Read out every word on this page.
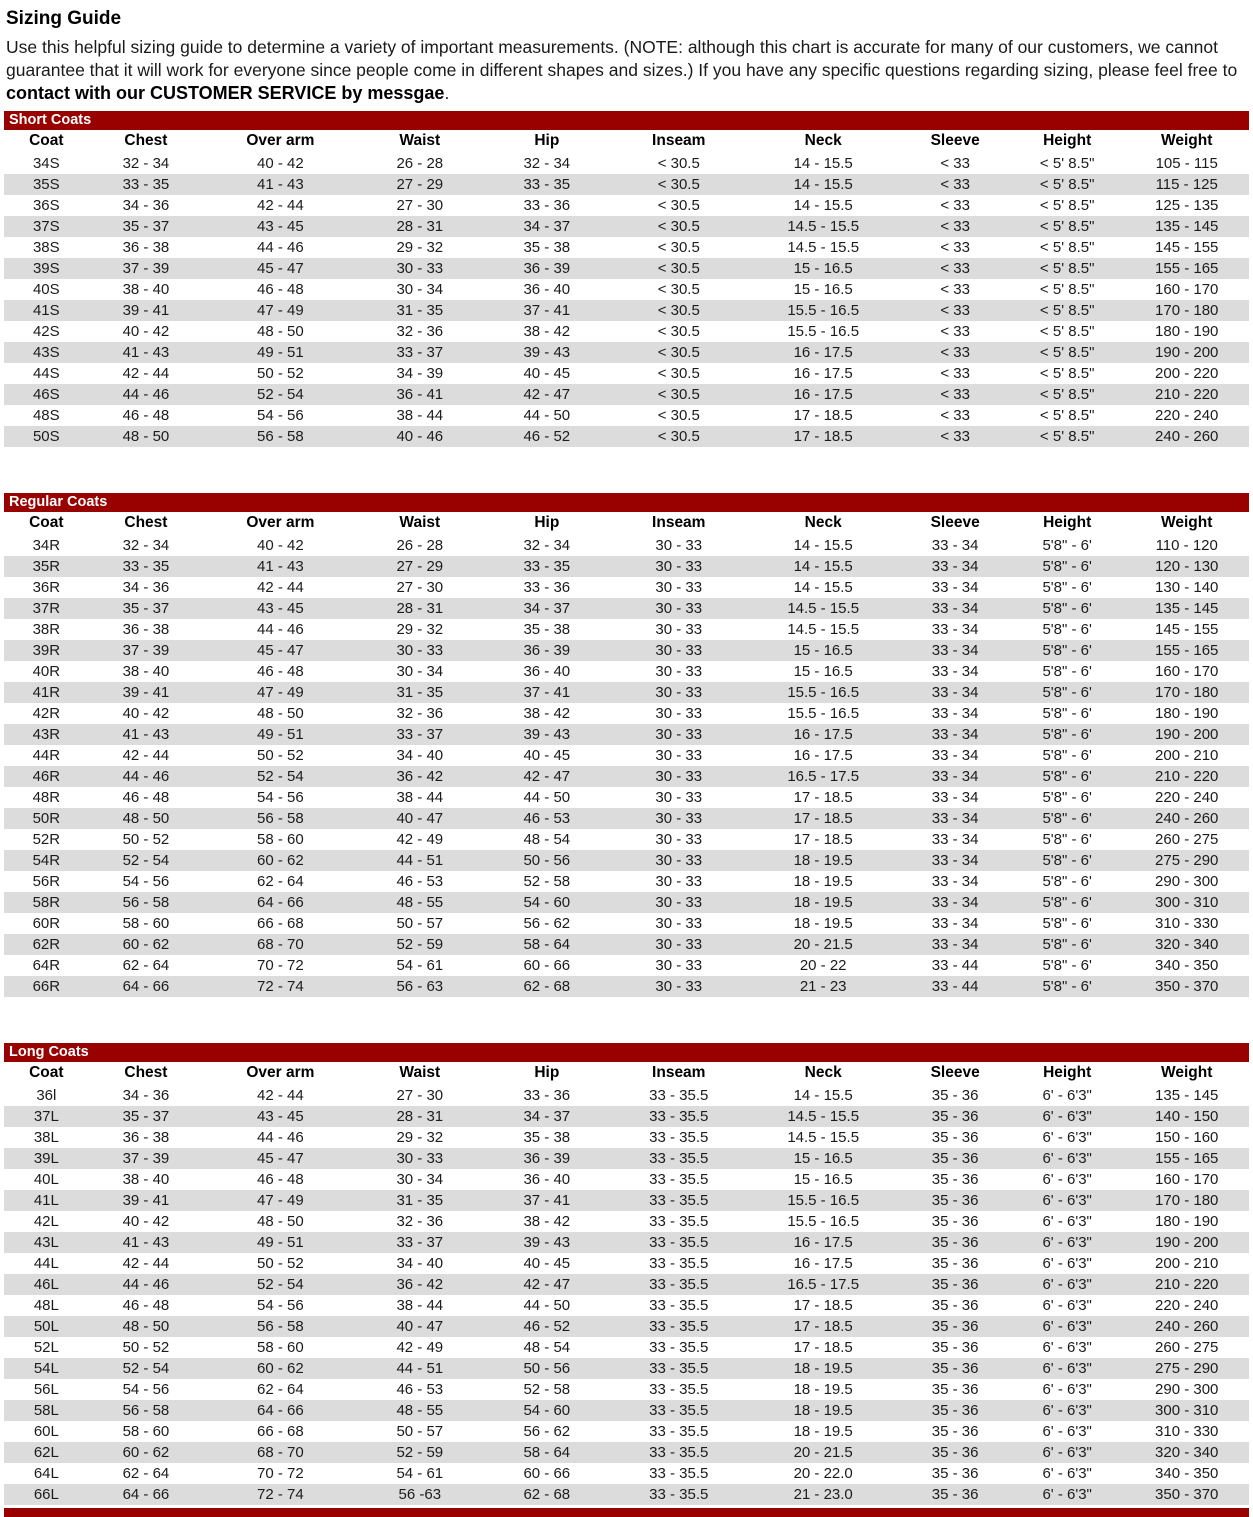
Sizing Guide

Use this helpful sizing guide to determine a variety of important measurements. (NOTE: although this chart is accurate for many of our customers, we cannot guarantee that it will work for everyone since people come in different shapes and sizes.) If you have any specific questions regarding sizing, please feel free to contact with our CUSTOMER SERVICE by messgae.

Short Coats
Coat	Chest	Over arm	Waist	Hip	Inseam	Neck	Sleeve	Height	Weight
34S	32 - 34	40 - 42	26 - 28	32 - 34	< 30.5	14 - 15.5	< 33	< 5' 8.5"	105 - 115
35S	33 - 35	41 - 43	27 - 29	33 - 35	< 30.5	14 - 15.5	< 33	< 5' 8.5"	115 - 125
36S	34 - 36	42 - 44	27 - 30	33 - 36	< 30.5	14 - 15.5	< 33	< 5' 8.5"	125 - 135
37S	35 - 37	43 - 45	28 - 31	34 - 37	< 30.5	14.5 - 15.5	< 33	< 5' 8.5"	135 - 145
38S	36 - 38	44 - 46	29 - 32	35 - 38	< 30.5	14.5 - 15.5	< 33	< 5' 8.5"	145 - 155
39S	37 - 39	45 - 47	30 - 33	36 - 39	< 30.5	15 - 16.5	< 33	< 5' 8.5"	155 - 165
40S	38 - 40	46 - 48	30 - 34	36 - 40	< 30.5	15 - 16.5	< 33	< 5' 8.5"	160 - 170
41S	39 - 41	47 - 49	31 - 35	37 - 41	< 30.5	15.5 - 16.5	< 33	< 5' 8.5"	170 - 180
42S	40 - 42	48 - 50	32 - 36	38 - 42	< 30.5	15.5 - 16.5	< 33	< 5' 8.5"	180 - 190
43S	41 - 43	49 - 51	33 - 37	39 - 43	< 30.5	16 - 17.5	< 33	< 5' 8.5"	190 - 200
44S	42 - 44	50 - 52	34 - 39	40 - 45	< 30.5	16 - 17.5	< 33	< 5' 8.5"	200 - 220
46S	44 - 46	52 - 54	36 - 41	42 - 47	< 30.5	16 - 17.5	< 33	< 5' 8.5"	210 - 220
48S	46 - 48	54 - 56	38 - 44	44 - 50	< 30.5	17 - 18.5	< 33	< 5' 8.5"	220 - 240
50S	48 - 50	56 - 58	40 - 46	46 - 52	< 30.5	17 - 18.5	< 33	< 5' 8.5"	240 - 260
Regular Coats
Coat	Chest	Over arm	Waist	Hip	Inseam	Neck	Sleeve	Height	Weight
34R	32 - 34	40 - 42	26 - 28	32 - 34	30 - 33	14 - 15.5	33 - 34	5'8" - 6'	110 - 120
35R	33 - 35	41 - 43	27 - 29	33 - 35	30 - 33	14 - 15.5	33 - 34	5'8" - 6'	120 - 130
36R	34 - 36	42 - 44	27 - 30	33 - 36	30 - 33	14 - 15.5	33 - 34	5'8" - 6'	130 - 140
37R	35 - 37	43 - 45	28 - 31	34 - 37	30 - 33	14.5 - 15.5	33 - 34	5'8" - 6'	135 - 145
38R	36 - 38	44 - 46	29 - 32	35 - 38	30 - 33	14.5 - 15.5	33 - 34	5'8" - 6'	145 - 155
39R	37 - 39	45 - 47	30 - 33	36 - 39	30 - 33	15 - 16.5	33 - 34	5'8" - 6'	155 - 165
40R	38 - 40	46 - 48	30 - 34	36 - 40	30 - 33	15 - 16.5	33 - 34	5'8" - 6'	160 - 170
41R	39 - 41	47 - 49	31 - 35	37 - 41	30 - 33	15.5 - 16.5	33 - 34	5'8" - 6'	170 - 180
42R	40 - 42	48 - 50	32 - 36	38 - 42	30 - 33	15.5 - 16.5	33 - 34	5'8" - 6'	180 - 190
43R	41 - 43	49 - 51	33 - 37	39 - 43	30 - 33	16 - 17.5	33 - 34	5'8" - 6'	190 - 200
44R	42 - 44	50 - 52	34 - 40	40 - 45	30 - 33	16 - 17.5	33 - 34	5'8" - 6'	200 - 210
46R	44 - 46	52 - 54	36 - 42	42 - 47	30 - 33	16.5 - 17.5	33 - 34	5'8" - 6'	210 - 220
48R	46 - 48	54 - 56	38 - 44	44 - 50	30 - 33	17 - 18.5	33 - 34	5'8" - 6'	220 - 240
50R	48 - 50	56 - 58	40 - 47	46 - 53	30 - 33	17 - 18.5	33 - 34	5'8" - 6'	240 - 260
52R	50 - 52	58 - 60	42 - 49	48 - 54	30 - 33	17 - 18.5	33 - 34	5'8" - 6'	260 - 275
54R	52 - 54	60 - 62	44 - 51	50 - 56	30 - 33	18 - 19.5	33 - 34	5'8" - 6'	275 - 290
56R	54 - 56	62 - 64	46 - 53	52 - 58	30 - 33	18 - 19.5	33 - 34	5'8" - 6'	290 - 300
58R	56 - 58	64 - 66	48 - 55	54 - 60	30 - 33	18 - 19.5	33 - 34	5'8" - 6'	300 - 310
60R	58 - 60	66 - 68	50 - 57	56 - 62	30 - 33	18 - 19.5	33 - 34	5'8" - 6'	310 - 330
62R	60 - 62	68 - 70	52 - 59	58 - 64	30 - 33	20 - 21.5	33 - 34	5'8" - 6'	320 - 340
64R	62 - 64	70 - 72	54 - 61	60 - 66	30 - 33	20 - 22	33 - 44	5'8" - 6'	340 - 350
66R	64 - 66	72 - 74	56 - 63	62 - 68	30 - 33	21 - 23	33 - 44	5'8" - 6'	350 - 370
Long Coats
Coat	Chest	Over arm	Waist	Hip	Inseam	Neck	Sleeve	Height	Weight
36l	34 - 36	42 - 44	27 - 30	33 - 36	33 - 35.5	14 - 15.5	35 - 36	6' - 6'3"	135 - 145
37L	35 - 37	43 - 45	28 - 31	34 - 37	33 - 35.5	14.5 - 15.5	35 - 36	6' - 6'3"	140 - 150
38L	36 - 38	44 - 46	29 - 32	35 - 38	33 - 35.5	14.5 - 15.5	35 - 36	6' - 6'3"	150 - 160
39L	37 - 39	45 - 47	30 - 33	36 - 39	33 - 35.5	15 - 16.5	35 - 36	6' - 6'3"	155 - 165
40L	38 - 40	46 - 48	30 - 34	36 - 40	33 - 35.5	15 - 16.5	35 - 36	6' - 6'3"	160 - 170
41L	39 - 41	47 - 49	31 - 35	37 - 41	33 - 35.5	15.5 - 16.5	35 - 36	6' - 6'3"	170 - 180
42L	40 - 42	48 - 50	32 - 36	38 - 42	33 - 35.5	15.5 - 16.5	35 - 36	6' - 6'3"	180 - 190
43L	41 - 43	49 - 51	33 - 37	39 - 43	33 - 35.5	16 - 17.5	35 - 36	6' - 6'3"	190 - 200
44L	42 - 44	50 - 52	34 - 40	40 - 45	33 - 35.5	16 - 17.5	35 - 36	6' - 6'3"	200 - 210
46L	44 - 46	52 - 54	36 - 42	42 - 47	33 - 35.5	16.5 - 17.5	35 - 36	6' - 6'3"	210 - 220
48L	46 - 48	54 - 56	38 - 44	44 - 50	33 - 35.5	17 - 18.5	35 - 36	6' - 6'3"	220 - 240
50L	48 - 50	56 - 58	40 - 47	46 - 52	33 - 35.5	17 - 18.5	35 - 36	6' - 6'3"	240 - 260
52L	50 - 52	58 - 60	42 - 49	48 - 54	33 - 35.5	17 - 18.5	35 - 36	6' - 6'3"	260 - 275
54L	52 - 54	60 - 62	44 - 51	50 - 56	33 - 35.5	18 - 19.5	35 - 36	6' - 6'3"	275 - 290
56L	54 - 56	62 - 64	46 - 53	52 - 58	33 - 35.5	18 - 19.5	35 - 36	6' - 6'3"	290 - 300
58L	56 - 58	64 - 66	48 - 55	54 - 60	33 - 35.5	18 - 19.5	35 - 36	6' - 6'3"	300 - 310
60L	58 - 60	66 - 68	50 - 57	56 - 62	33 - 35.5	18 - 19.5	35 - 36	6' - 6'3"	310 - 330
62L	60 - 62	68 - 70	52 - 59	58 - 64	33 - 35.5	20 - 21.5	35 - 36	6' - 6'3"	320 - 340
64L	62 - 64	70 - 72	54 - 61	60 - 66	33 - 35.5	20 - 22.0	35 - 36	6' - 6'3"	340 - 350
66L	64 - 66	72 - 74	56 -63	62 - 68	33 - 35.5	21 - 23.0	35 - 36	6' - 6'3"	350 - 370
